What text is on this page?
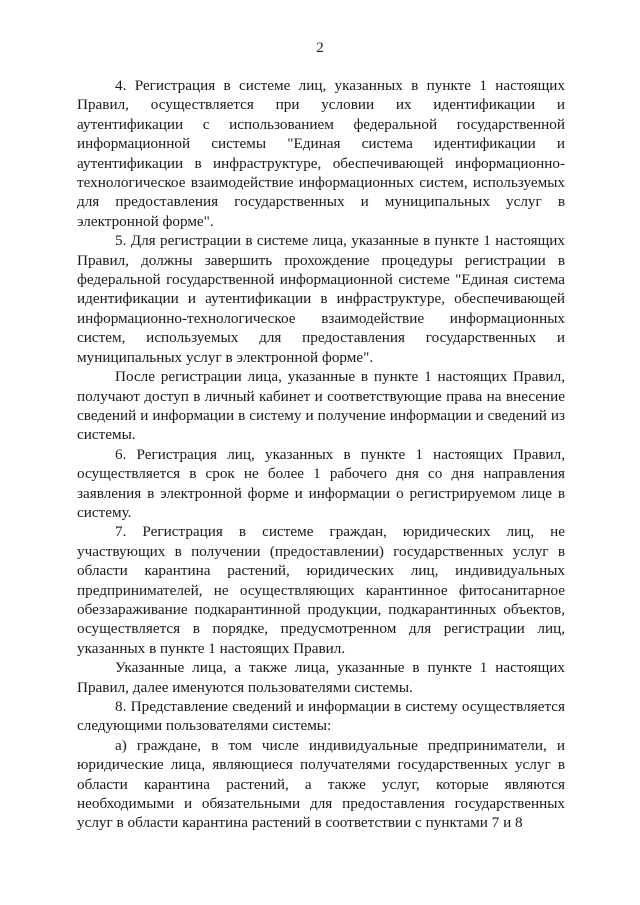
2

4. Регистрация в системе лиц, указанных в пункте 1 настоящих Правил, осуществляется при условии их идентификации и аутентификации с использованием федеральной государственной информационной системы "Единая система идентификации и аутентификации в инфраструктуре, обеспечивающей информационно-технологическое взаимодействие информационных систем, используемых для предоставления государственных и муниципальных услуг в электронной форме".

5. Для регистрации в системе лица, указанные в пункте 1 настоящих Правил, должны завершить прохождение процедуры регистрации в федеральной государственной информационной системе "Единая система идентификации и аутентификации в инфраструктуре, обеспечивающей информационно-технологическое взаимодействие информационных систем, используемых для предоставления государственных и муниципальных услуг в электронной форме".

После регистрации лица, указанные в пункте 1 настоящих Правил, получают доступ в личный кабинет и соответствующие права на внесение сведений и информации в систему и получение информации и сведений из системы.

6. Регистрация лиц, указанных в пункте 1 настоящих Правил, осуществляется в срок не более 1 рабочего дня со дня направления заявления в электронной форме и информации о регистрируемом лице в систему.

7. Регистрация в системе граждан, юридических лиц, не участвующих в получении (предоставлении) государственных услуг в области карантина растений, юридических лиц, индивидуальных предпринимателей, не осуществляющих карантинное фитосанитарное обеззараживание подкарантинной продукции, подкарантинных объектов, осуществляется в порядке, предусмотренном для регистрации лиц, указанных в пункте 1 настоящих Правил.

Указанные лица, а также лица, указанные в пункте 1 настоящих Правил, далее именуются пользователями системы.

8. Представление сведений и информации в систему осуществляется следующими пользователями системы:

а) граждане, в том числе индивидуальные предприниматели, и юридические лица, являющиеся получателями государственных услуг в области карантина растений, а также услуг, которые являются необходимыми и обязательными для предоставления государственных услуг в области карантина растений в соответствии с пунктами 7 и 8
